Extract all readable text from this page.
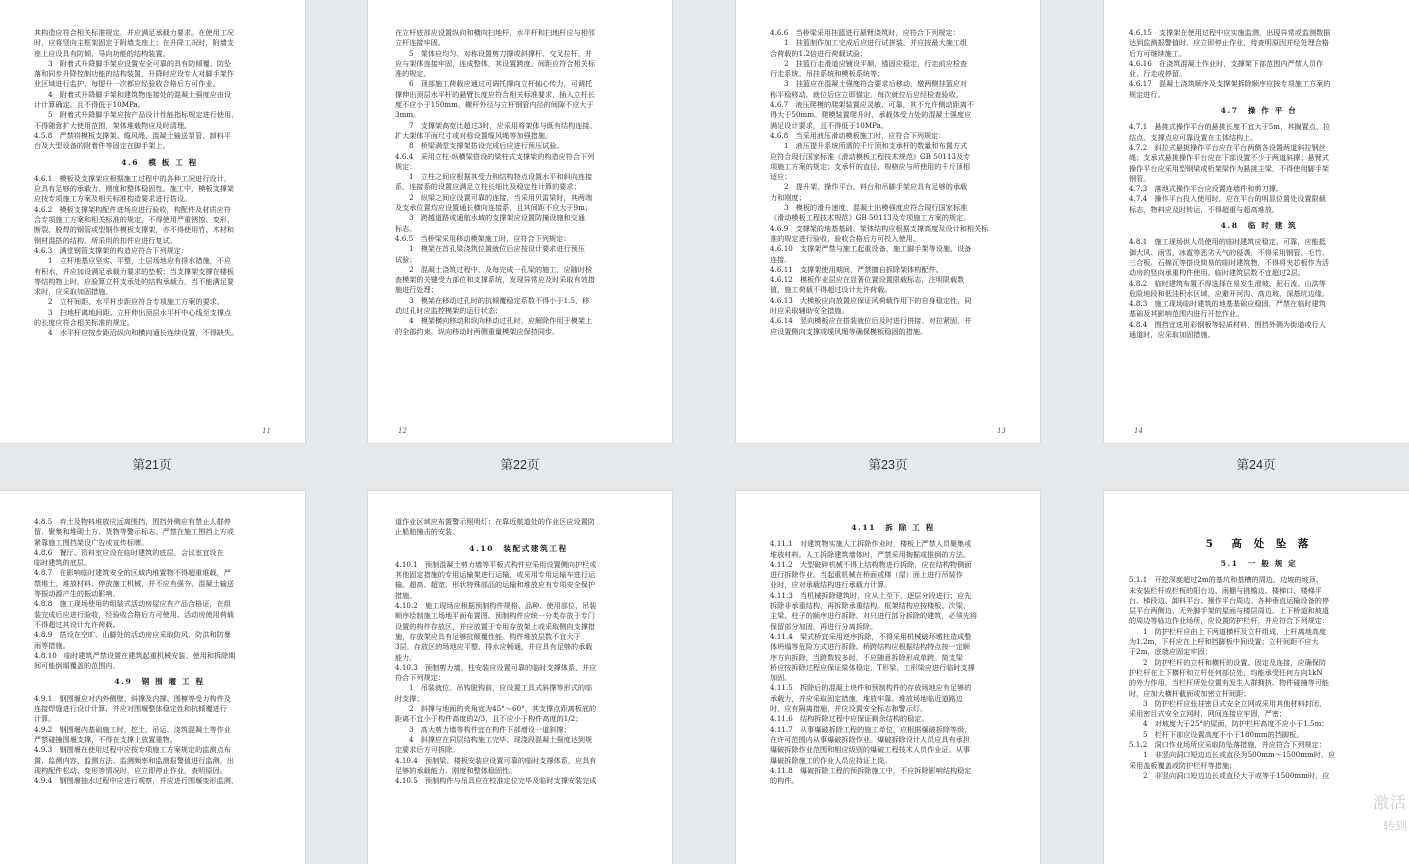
其构造应符合相关标准规定，并应满足承载力要求。在使用工况
时，应将竖向主框架固定于附墙支座上；在升降工况时，附墙支
座上应设具有防倾、导向功能的结构装置。
3　附着式升降脚手架应设置安全可靠的具有防倾覆、防坠
落和同步升降控制功能的结构装置，升降时应设专人对脚手架作
业区域进行监护，每提升一次都应经验收合格后方可作业。
4　附着式升降脚手架和建筑物连接处的混凝土强度应由设
计计算确定，且不得低于10MPa。
5　附着式升降脚手架应按产品设计性能指标规定进行使用，
不得随意扩大使用范围，架体堆载物应及时清理。
4.5.8　严禁将模板支撑架、缆风绳、混凝土输送泵管、卸料平
台及大型设备的附着件等固定在脚手架上。
4.6　模 板 工 程
4.6.1　模板及支撑架应根据施工过程中的各种工况进行设计，
应具有足够的承载力、刚度和整体稳固性。施工中，模板支撑架
应按专项施工方案及相关标准构造要求进行搭设。
4.6.2　模板支撑架构配件进场应进行验收，构配件及材质应符
合专项施工方案和相关标准的规定，不得使用严重锈蚀、变形、
断裂、脱焊的钢管或型钢作模板支撑架，亦不得使用竹、木材和
钢材混搭的结构。所采用的扣件应进行复试。
4.6.3　满堂钢管支撑架的构造应符合下列规定：
1　立杆地基应坚实、平整，土层场地应有排水措施，不应
有积水，并应加设满足承载力要求的垫板；当支撑架支撑在楼板
等结构物上时，应验算立杆支承处的结构承载力，当不能满足要
求时，应采取加固措施。
2　立杆间距、水平杆步距应符合专项施工方案的要求。
3　扫地杆离地间距、立杆伸出顶层水平杆中心线至支撑点
的长度应符合相关标准的规定。
4　水平杆应按步距沿纵向和横向通长连续设置，不得缺失。
11
在立杆底部应设置纵向和横向扫地杆，水平杆和扫地杆应与相邻
立杆连接牢固。
5　架体应均匀、对称设置剪刀撑或斜撑杆、交叉拉杆，并
应与架体连接牢固，连成整体，其设置跨度、间距应符合相关标
准的规定。
6　顶部施工荷载应通过可调托撑向立杆轴心传力，可调托
撑伸出顶层水平杆的悬臂长度应符合相关标准要求，插入立杆长
度不应小于150mm，螺杆外径与立杆钢管内径的间隙不应大于
3mm。
7　支撑架高宽比超过3时，应采用将架体与既有结构连接、
扩大架体平面尺寸或对称设置缆风绳等加强措施。
8　桥梁满堂支撑架搭设完成后应进行预压试验。
4.6.4　采用立柱-纵横梁搭设的梁柱式支撑架的构造应符合下列
规定：
1　立柱之间应根据其受力和结构特点设置水平和斜向连接
系，连接系的设置应满足立柱长细比及稳定性计算的要求；
2　纵梁之间应设置可靠的连接，当采用贝雷梁时，其两端
及支承位置均应设置通长横向连接系，且其间距不应大于9m；
3　跨越道路或通航水域的支撑架应设置防撞设施和交通
标志。
4.6.5　当桥梁采用移动模架施工时，应符合下列规定：
1　模架在首孔梁浇筑位置就位后应按设计要求进行预压
试验；
2　混凝土浇筑过程中，及每完成一孔梁的施工，应随时检
查模架的关键受力部位和支撑系统，发现异常应及时采取有效措
施进行处理；
3　模架在移动过孔时的抗倾覆稳定系数不得小于1.5，移
动过孔时应监控模架的运行状态；
4　模架横向移动和纵向移动过孔时，应解除作用于模架上
的全部约束，纵向移动时两侧重量模架应保持同步。
12
4.6.6　当桥梁采用挂篮进行悬臂浇筑时，应符合下列规定：
1　挂篮制作加工完成后应进行试拼装，并应按最大施工组
合荷载的1.2倍进行荷载试验；
2　挂篮行走滑道应铺设平顺，锚固应稳定，行走前应检查
行走系统、吊挂系统和模板系统等；
3　挂篮应在混凝土强度符合要求后移动，墩两侧挂篮应对
称平稳移动，就位后应立即锚定，每次就位后应经检查验收。
4.6.7　液压爬模的爬架装置应灵敏、可靠，其不允许侧动距离不
得大于50mm。爬模装置爬升时，承载体受力处的混凝土强度应
满足设计要求，且不得低于10MPa。
4.6.8　当采用液压滑动模板施工时，应符合下列规定：
1　液压提升系统所需的千斤顶和支承杆的数量和布置方式
应符合现行国家标准《滑动模板工程技术规范》GB 50113及专
项施工方案的规定；支承杆的直径、规格应与所使用的千斤顶相
适应；
2　提升架、操作平台、料台和吊脚手架应具有足够的承载
力和刚度；
3　模板的滑升速度、混凝土出模强度应符合现行国家标准
《滑动模板工程技术规范》GB 50113及专项施工方案的规定。
4.6.9　支撑架的地基基础、架体结构应根据支撑高度及设计和相关标
准的规定进行验收，验收合格后方可投入使用。
4.6.10　支撑架严禁与施工起重设备、施工脚手架等设施、设备
连接。
4.6.11　支撑架使用期间，严禁擅自拆除架体构配件。
4.6.12　模板作业层应在显著位置设置限载标志，注明限载数
值，施工荷载不得超过设计允许荷载。
4.6.13　大模板应向放置应保证风荷载作用下的自身稳定性，同
时应采取辅助安全措施。
4.6.14　竖向模板应在搭装就位后及时进行拼接、对拉紧固，并
应设置侧向支撑或缆风绳等确保模板稳固的措施。
13
4.6.15　支撑架在使用过程中应实施监测，出现异常或监测数据
达到监测报警值时，应立即停止作业，待查明原因并经处理合格
后方可继续施工。
4.6.16　在浇筑混凝土作业时，支撑架下部范围内严禁人员作
业、行走或停留。
4.6.17　混凝土浇筑顺序及支撑架拆除顺序应按专项施工方案的
规定进行。
4.7　操 作 平 台
4.7.1　悬挑式操作平台的悬挑长度不宜大于5m，其搁置点、拉
结点、支撑点应可靠设置在主体结构上。
4.7.2　斜拉式悬挑操作平台应在平台两侧各设置两道斜拉钢丝
绳；支承式悬挑操作平台应在下部设置不少于两道斜撑；悬臂式
操作平台应采用型钢梁或桁架梁作为悬挑主梁，不得使用脚手架
钢管。
4.7.3　落地式操作平台应设置连墙件和剪刀撑。
4.7.4　操作平台投入使用时，应在平台的明显位置处设置限载
标志，物料应及时转运，不得超重与超高堆放。
4.8　临 时 建 筑
4.8.1　施工现场供人员使用的临时建筑应稳定、可靠，应能抵
御大风、雨雪、冰雹等恶劣天气的侵袭，不得采用钢管、毛竹、
三合板、石棉瓦等搭设简易的临时建筑物，不得将夹芯板作为活
动房的竖向承重构件使用。临时建筑层数不宜超过2层。
4.8.2　临时建筑布置不得选择在易发生滑坡、泥石流、山洪等
危险地段和低洼积水区域，应避开河沟、高边坡、深基坑边缘。
4.8.3　施工现场临时建筑的地基基础应稳固，严禁在临时建筑
基础及其影响范围内进行开挖作业。
4.8.4　围挡宜选用彩钢板等轻质材料，围挡外侧为街道或行人
通道时，应采取加固措施。
14
第21页	第22页	第23页	第24页
4.8.5　弃土及物料堆放应远离围挡，围挡外侧应有禁止人群停
留、聚集和堆砌土方、货物等警示标志。严禁在施工围挡上方或
紧靠施工围挡架设广告或宣传标牌。
4.8.6　餐厅、资料室应设在临时建筑的底层，会议室宜设在
临时建筑的底层。
4.8.7　在影响临时建筑安全的区域内堆置物不得超重堆载，严
禁堆土、堆放材料、停放施工机械，并不应有强夯、混凝土输送
等振动源产生的振动影响。
4.8.8　施工现场使用的组装式活动房屋应有产品合格证，在组
装完成后应进行验收，经验收合格后方可使用。活动房使用荷载
不得超过其设计允许荷载。
4.8.9　搭设在空旷、山脚处的活动房应采取防风、防洪和防暴
雨等措施。
4.8.10　临时建筑严禁设置在建筑起重机械安装、使用和拆除期
间可能倒塌覆盖的范围内。
4.9　钢 围 堰 工 程
4.9.1　钢围堰应对内外侧壁、斜撑及内撑、围檩等受力构件及
连接焊缝进行设计计算，并应对围堰整体稳定性和抗倾覆进行
计算。
4.9.2　钢围堰内基础施工时，挖土、吊运、浇筑混凝土等作业
严禁碰撞围堰支撑，不得在支撑上放置重物。
4.9.3　钢围堰在使用过程中应按专项施工方案规定的监测点布
置、监测内容、监测方法、监测频率和监测报警值进行监测，出
现构配件松动、变形等情况时，应立即停止作业，查明原因。
4.9.4　钢围堰抽水过程中应进行观察，并应进行围堰变形监测，
道作业区域应布置警示照明灯；在靠近航道处的作业区应设置防
止船舶撞击的安装。
4.10　装配式建筑工程
4.10.1　预制混凝土剪力墙等平板式构件应采用设置侧向护栏或
其他固定措施的专用运输架进行运输，或采用专用运输车进行运
输。超高、超宽、形状特殊部品的运输和堆放应有专项安全保护
措施。
4.10.2　施工现场应根据预制构件规格、品种、使用部位、吊装
顺序绘制施工场地平面布置图。预制构件应统一分类存放于专门
设置的构件存放区，并应放置于专用存放架上或采取侧向支撑措
施，存放架应具有足够抗倾覆性能。构件堆放层数不宜大于
3层，存放区的场地应平整、排水应畅通，并应具有足够的承载
能力。
4.10.3　预制剪力墙、柱安装应设置可靠的临时支撑体系，并应
符合下列规定：
1　吊装就位、吊钩脱钩前，应设置工具式斜撑等形式的临
时支撑；
2　斜撑与地面的夹角宜为45°～60°，其支撑点距离板底的
距离不宜小于构件高度的2/3，且不应小于构件高度的1/2；
3　高大剪力墙等构件宜在构件下部增设一道斜撑；
4　斜撑应在同层结构施工完毕、现浇段混凝土强度达到规
定要求后方可拆除。
4.10.4　预制梁、楼板安装应设置可靠的临时支撑体系，应具有
足够的承载能力、刚度和整体稳固性。
4.10.5　预制构件与吊具应在校准定位完毕及临时支撑安装完成
4.11　拆 除 工 程
4.11.1　对建筑物实施人工拆除作业时，楼板上严禁人员聚集或
堆放材料。人工拆除建筑墙体时，严禁采用掏掘或推倒的方法。
4.11.2　大型破碎机械不得上结构物进行拆除，应在结构物侧面
进行拆除作业。当起重机械在桥面或楼（屋）面上进行吊装作
业时，应对承载结构进行承载力计算。
4.11.3　当机械拆除建筑时，应从上至下、逐层分段进行；应先
拆除非承重结构，再拆除承重结构。框架结构应按楼板、次梁、
主梁、柱子的顺序进行拆除。对只进行部分拆除的建筑，必须先将
保留部分加固，再进行分离拆除。
4.11.4　梁式桥宜采用逆序拆除，不得采用机械破坏墩柱造成整
体坍塌等危险方式进行拆除。桥跨结构应根据结构特点按一定顺
序方向拆除，当跨数较多时，不应随意拆除形成单跨。简支梁
桥应按拆除过程应保证梁体稳定，T形梁、工形梁应进行临时支撑
加固。
4.11.5　拆除后的混凝土块件和预制构件的存放场地应有足够的
承载力，并应采取固定措施，堆放牢靠。堆放场地临近道路边
时，应有隔离措施，并应设置安全标志和警示灯。
4.11.6　结构拆除过程中应保证剩余结构的稳定。
4.11.7　从事爆破拆除工程的施工单位，应根据爆破拆除等级，
在许可范围内从事爆破拆除作业。爆破拆除设计人员应具有承担
爆破拆除作业范围和相应级别的爆破工程技术人员作业证。从事
爆破拆除施工的作业人员应持证上岗。
4.11.8　爆破拆除工程的预拆除施工中，不应拆除影响结构稳定
的构件。
5　高 处 坠 落
5.1　一 般 规 定
5.1.1　开挖深度超过2m的基坑和基槽的周边、边坡的坡顶、
未安装栏杆或栏板的阳台边、雨棚与挑檐边、楼梯口、楼梯平
台、梯段边、卸料平台、操作平台周边、各种垂直运输设备的停
层平台两侧边、无外脚手架的屋面与楼层周边、上下桥道和坡道
的周边等临边作业场所，应设置防护栏杆，并应符合下列规定：
1　防护栏杆应由上下两道横杆及立杆组成，上杆离地高度
为1.2m，下杆应在上杆和挡脚板中间设置；立杆间距不应大
于2m，底端应固定牢固；
2　防护栏杆的立杆和横杆的设置、固定及连接，应确保防
护栏杆在上下横杆和立杆任何部位处，均能承受任何方向1kN
的外力作用，当栏杆所处位置有发生人群拥挤、物件碰撞等可能
时，应加大横杆截面或加密立杆间距；
3　防护栏杆应张挂密目式安全立网或采用其他材料封闭，
采用密目式安全立网时，网间连接应牢固，严密；
4　对坡度大于25°的屋面，防护栏杆高度不应小于1.5m；
5　栏杆下部应设置高度不小于180mm的挡脚板。
5.1.2　洞口作业场所应采取防坠落措施，并应符合下列规定：
1　非竖向洞口短边边长或直径为500mm～1500mm时，应
采用盖板覆盖或防护栏杆等措施；
2　非竖向洞口短边边长或直径大于或等于1500mm时，应
激活
转到
